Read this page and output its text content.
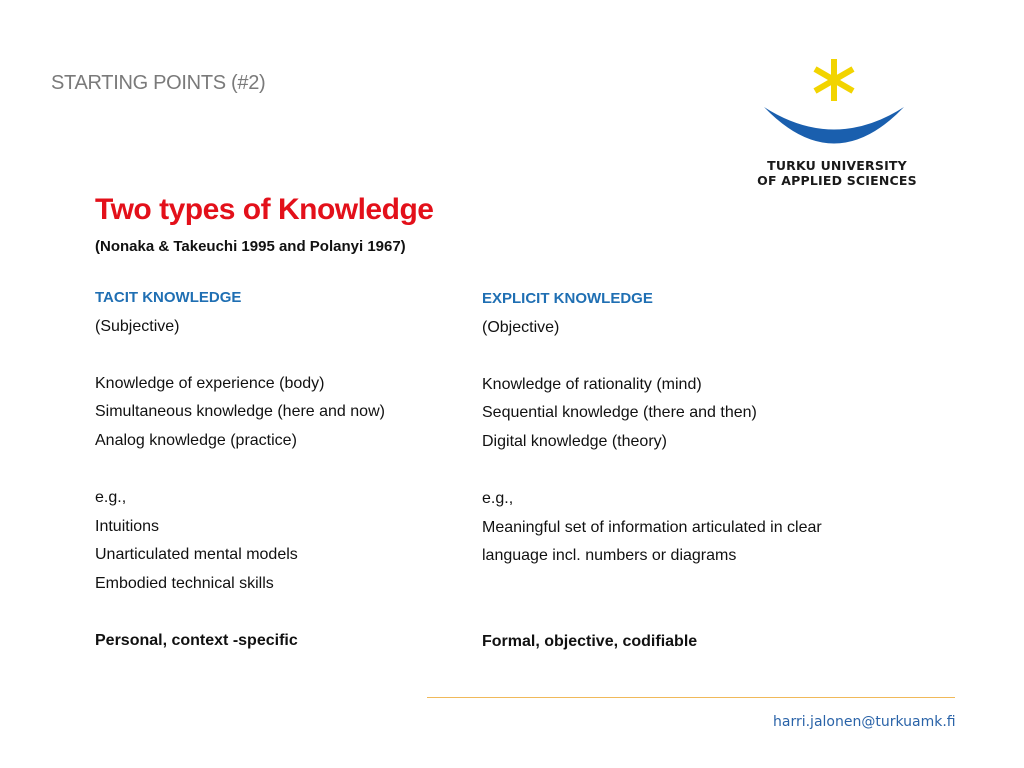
STARTING POINTS (#2)
TURKU UNIVERSITY
OF APPLIED SCIENCES
Two types of Knowledge
(Nonaka & Takeuchi 1995 and Polanyi 1967)
TACIT KNOWLEDGE
(Subjective)
Knowledge of experience (body)
Simultaneous knowledge (here and now)
Analog knowledge (practice)
e.g.,
Intuitions
Unarticulated mental models
Embodied technical skills
Personal, context -specific
EXPLICIT KNOWLEDGE
(Objective)
Knowledge of rationality (mind)
Sequential knowledge (there and then)
Digital knowledge (theory)
e.g.,
Meaningful set of information articulated in clear
language incl. numbers or diagrams
Formal, objective, codifiable
harri.jalonen@turkuamk.fi
